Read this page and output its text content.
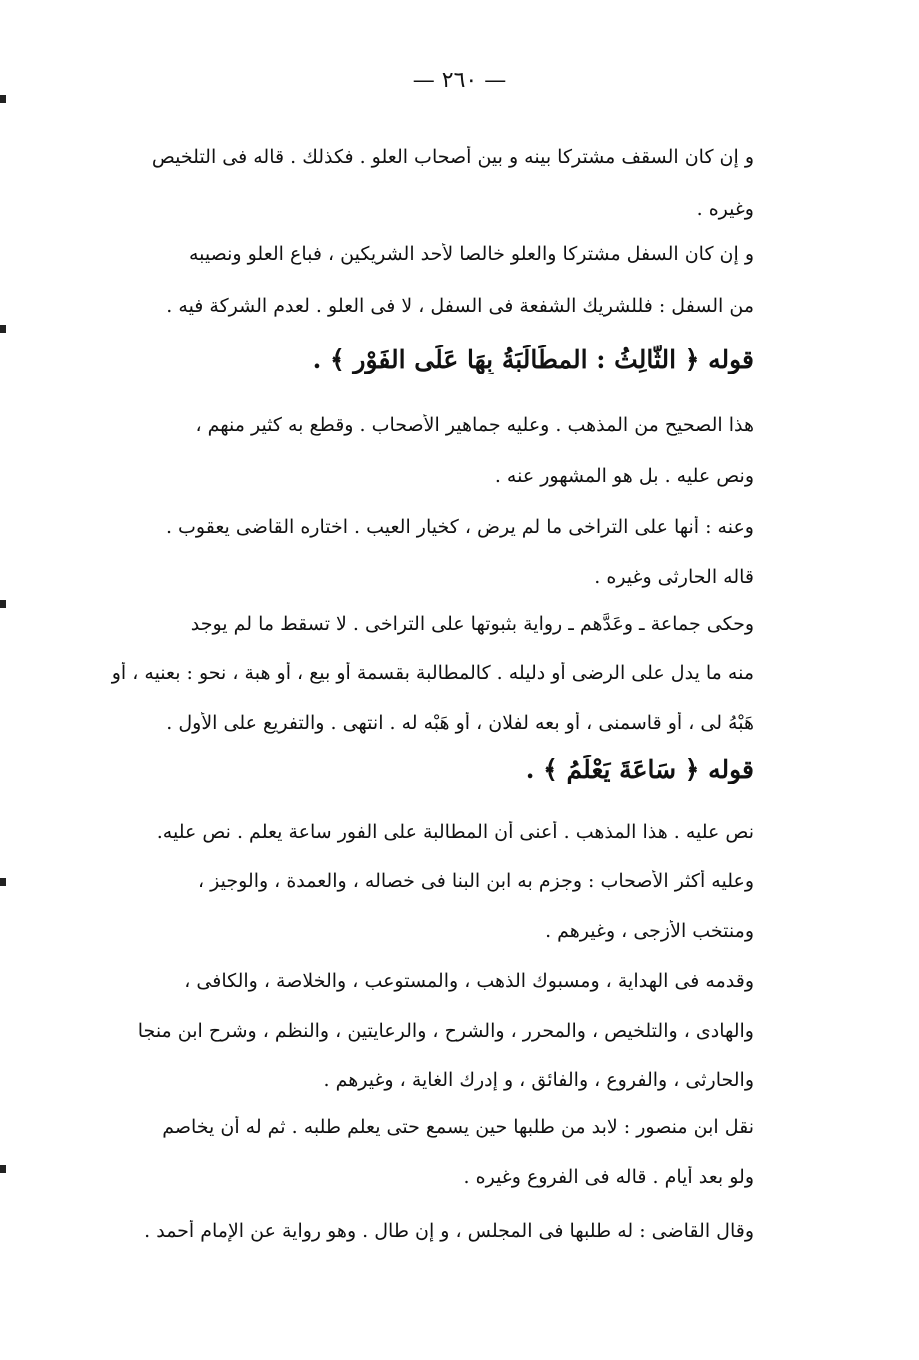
— ٢٦٠ —
و إن كان السقف مشتركا بينه و بين أصحاب العلو . فكذلك . قاله فى التلخيص
وغيره .
و إن كان السفل مشتركا والعلو خالصا لأحد الشريكين ، فباع العلو ونصيبه
من السفل : فللشريك الشفعة فى السفل ، لا فى العلو . لعدم الشركة فيه .
قوله ﴿ الثَّالِثُ : المطَالَبَةُ بِهَا عَلَى الفَوْرِ ﴾ .
هذا الصحيح من المذهب . وعليه جماهير الأصحاب . وقطع به كثير منهم ،
ونص عليه . بل هو المشهور عنه .
وعنه : أنها على التراخى ما لم يرض ، كخيار العيب . اختاره القاضى يعقوب .
قاله الحارثى وغيره .
وحكى جماعة ـ وعَدَّهم ـ رواية بثبوتها على التراخى . لا تسقط ما لم يوجد
منه ما يدل على الرضى أو دليله . كالمطالبة بقسمة أو بيع ، أو هبة ، نحو : بعنيه ، أو
هَبْهُ لى ، أو قاسمنى ، أو بعه لفلان ، أو هَبْه له . انتهى . والتفريع على الأول .
قوله ﴿ سَاعَةَ يَعْلَمُ ﴾ .
نص عليه . هذا المذهب . أعنى أن المطالبة على الفور ساعة يعلم . نص عليه.
وعليه أكثر الأصحاب : وجزم به ابن البنا فى خصاله ، والعمدة ، والوجيز ،
ومنتخب الأزجى ، وغيرهم .
وقدمه فى الهداية ، ومسبوك الذهب ، والمستوعب ، والخلاصة ، والكافى ،
والهادى ، والتلخيص ، والمحرر ، والشرح ، والرعايتين ، والنظم ، وشرح ابن منجا
والحارثى ، والفروع ، والفائق ، و إدرك الغاية ، وغيرهم .
نقل ابن منصور : لابد من طلبها حين يسمع حتى يعلم طلبه . ثم له أن يخاصم
ولو بعد أيام . قاله فى الفروع وغيره .
وقال القاضى : له طلبها فى المجلس ، و إن طال . وهو رواية عن الإمام أحمد .
